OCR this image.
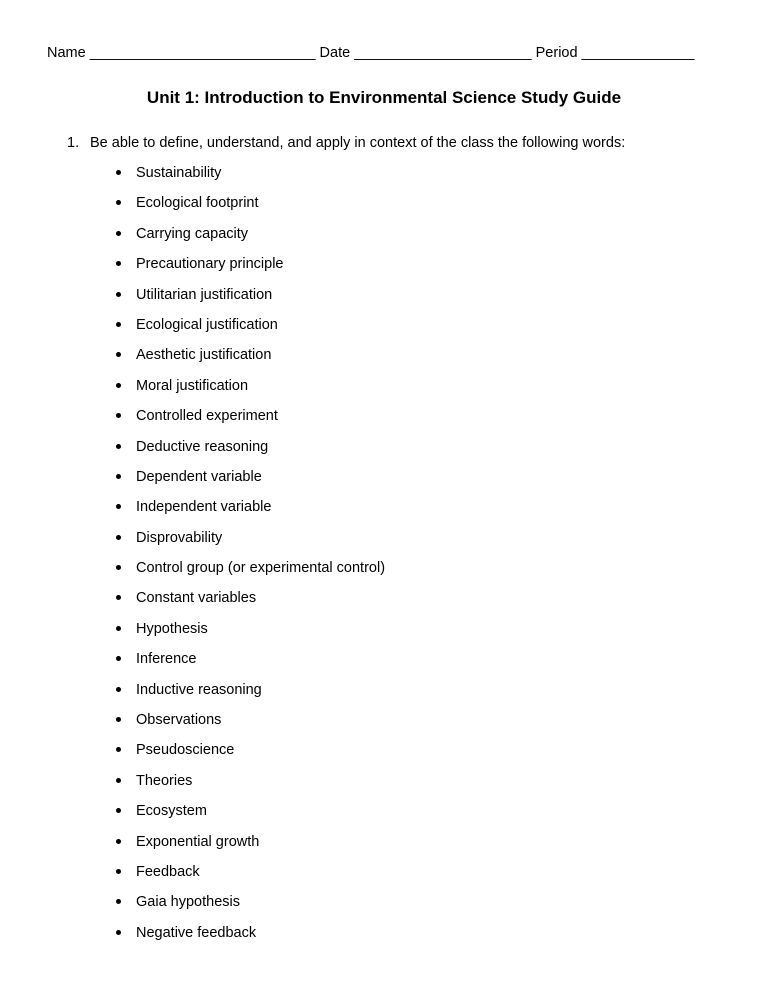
Name ____________________________ Date ______________________ Period ______________
Unit 1: Introduction to Environmental Science Study Guide
1. Be able to define, understand, and apply in context of the class the following words:
Sustainability
Ecological footprint
Carrying capacity
Precautionary principle
Utilitarian justification
Ecological justification
Aesthetic justification
Moral justification
Controlled experiment
Deductive reasoning
Dependent variable
Independent variable
Disprovability
Control group (or experimental control)
Constant variables
Hypothesis
Inference
Inductive reasoning
Observations
Pseudoscience
Theories
Ecosystem
Exponential growth
Feedback
Gaia hypothesis
Negative feedback
